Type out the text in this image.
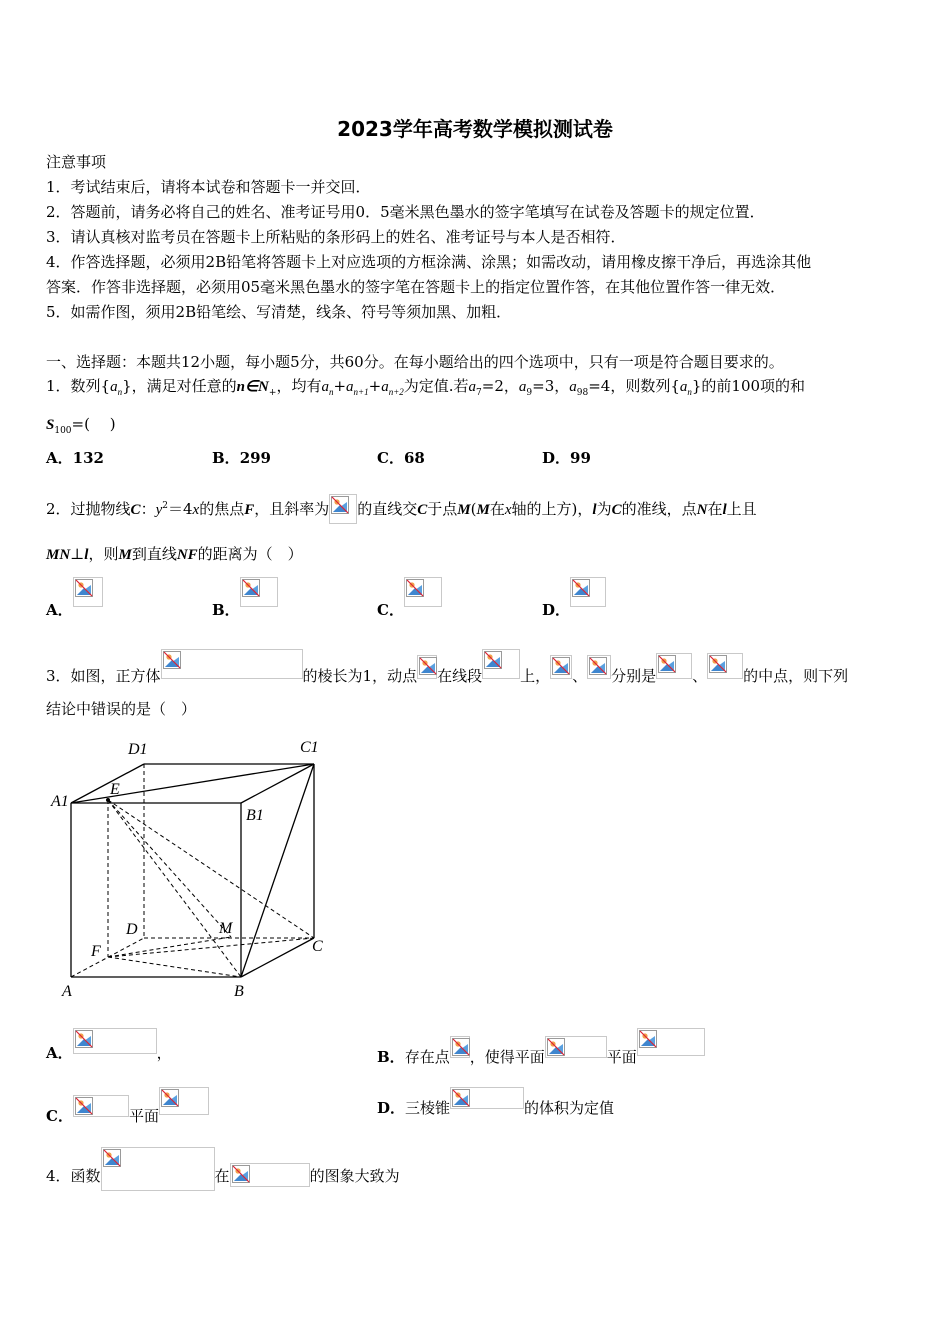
2023学年高考数学模拟测试卷
注意事项
1．考试结束后，请将本试卷和答题卡一并交回．
2．答题前，请务必将自己的姓名、准考证号用0．5毫米黑色墨水的签字笔填写在试卷及答题卡的规定位置．
3．请认真核对监考员在答题卡上所粘贴的条形码上的姓名、准考证号与本人是否相符．
4．作答选择题，必须用2B铅笔将答题卡上对应选项的方框涂满、涂黑；如需改动，请用橡皮擦干净后，再选涂其他
答案．作答非选择题，必须用05毫米黑色墨水的签字笔在答题卡上的指定位置作答，在其他位置作答一律无效．
5．如需作图，须用2B铅笔绘、写清楚，线条、符号等须加黑、加粗．
一、选择题：本题共12小题，每小题5分，共60分。在每小题给出的四个选项中，只有一项是符合题目要求的。
1．数列$\{a_n\}$，满足对任意的$n\in N_+$，均有$a_n+a_{n+1}+a_{n+2}$为定值.若$a_7=2$，$a_9=3$，$a_{98}=4$，则数列$\{a_n\}$的前100项的和
$S_{100}=$(　 )
A．132	B．299	C．68	D．99
2．过抛物线C：$y^2=4x$的焦点F，且斜率为 的直线交C于点M(M在x轴的上方)，l为C的准线，点N在l上且
MN⊥l，则M到直线NF的距离为（　）
A．	B．	C．	D．
3．如图，正方体	的棱长为1，动点 在线段	上， 、 分别是 、 的中点，则下列
结论中错误的是（　）
D1	C1
A1
E
B1
D	M
F	C
A	B
A．	，	B．存在点 ，使得平面	平面
C．	平面	D．三棱锥	的体积为定值
4．函数	在	的图象大致为
